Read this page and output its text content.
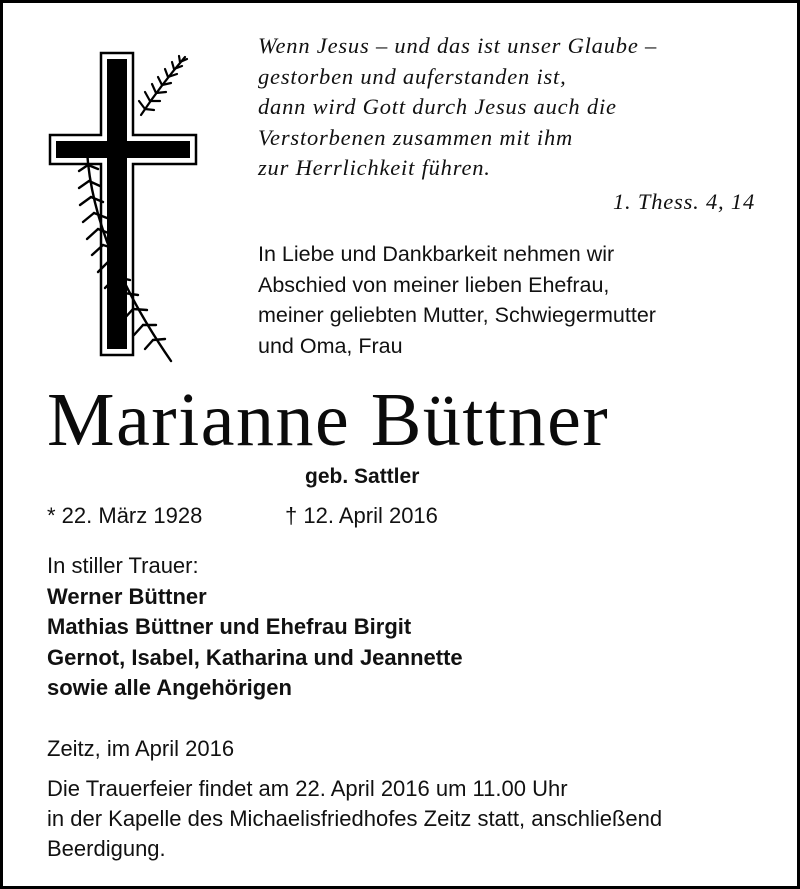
Wenn Jesus – und das ist unser Glaube –
gestorben und auferstanden ist,
dann wird Gott durch Jesus auch die
Verstorbenen zusammen mit ihm
zur Herrlichkeit führen.
1. Thess. 4, 14
In Liebe und Dankbarkeit nehmen wir
Abschied von meiner lieben Ehefrau,
meiner geliebten Mutter, Schwiegermutter
und Oma, Frau
Marianne Büttner
geb. Sattler
* 22. März 1928	† 12. April 2016
In stiller Trauer:
Werner Büttner
Mathias Büttner und Ehefrau Birgit
Gernot, Isabel, Katharina und Jeannette
sowie alle Angehörigen
Zeitz, im April 2016
Die Trauerfeier findet am 22. April 2016 um 11.00 Uhr
in der Kapelle des Michaelisfriedhofes Zeitz statt, anschließend
Beerdigung.
